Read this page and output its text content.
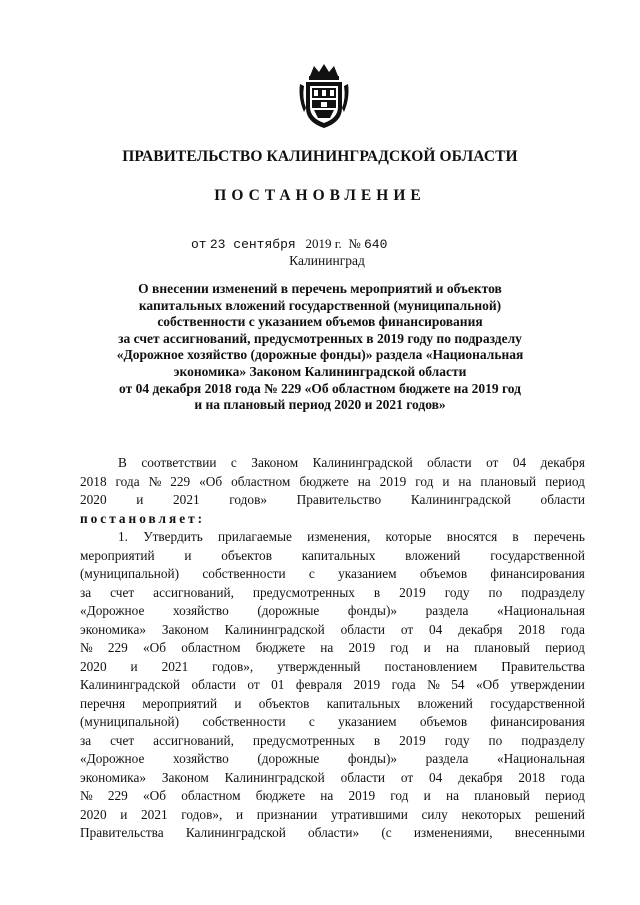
ПРАВИТЕЛЬСТВО КАЛИНИНГРАДСКОЙ ОБЛАСТИ
ПОСТАНОВЛЕНИЕ
от 23 сентября 2019 г. № 640
Калининград
О внесении изменений в перечень мероприятий и объектов
капитальных вложений государственной (муниципальной)
собственности с указанием объемов финансирования
за счет ассигнований, предусмотренных в 2019 году по подразделу
«Дорожное хозяйство (дорожные фонды)» раздела «Национальная
экономика» Законом Калининградской области
от 04 декабря 2018 года № 229 «Об областном бюджете на 2019 год
и на плановый период 2020 и 2021 годов»
В соответствии с Законом Калининградской области от 04 декабря
2018 года № 229 «Об областном бюджете на 2019 год и на плановый период
2020 и 2021 годов» Правительство Калининградской области
постановляет:
1. Утвердить прилагаемые изменения, которые вносятся в перечень
мероприятий и объектов капитальных вложений государственной
(муниципальной) собственности с указанием объемов финансирования
за счет ассигнований, предусмотренных в 2019 году по подразделу
«Дорожное хозяйство (дорожные фонды)» раздела «Национальная
экономика» Законом Калининградской области от 04 декабря 2018 года
№ 229 «Об областном бюджете на 2019 год и на плановый период
2020 и 2021 годов», утвержденный постановлением Правительства
Калининградской области от 01 февраля 2019 года № 54 «Об утверждении
перечня мероприятий и объектов капитальных вложений государственной
(муниципальной) собственности с указанием объемов финансирования
за счет ассигнований, предусмотренных в 2019 году по подразделу
«Дорожное хозяйство (дорожные фонды)» раздела «Национальная
экономика» Законом Калининградской области от 04 декабря 2018 года
№ 229 «Об областном бюджете на 2019 год и на плановый период
2020 и 2021 годов», и признании утратившими силу некоторых решений
Правительства Калининградской области» (с изменениями, внесенными
